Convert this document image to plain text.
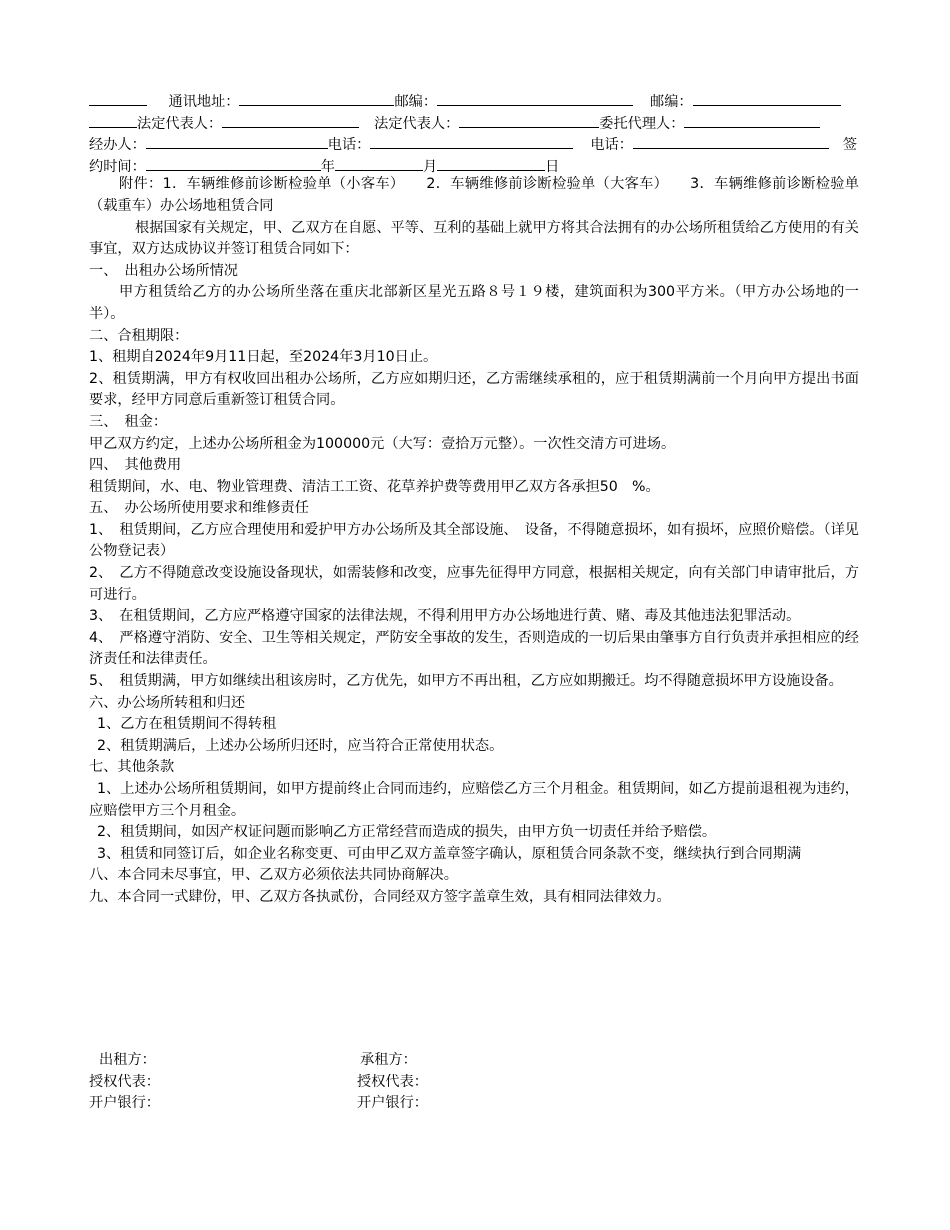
通讯地址：	邮编：	邮编：
法定代表人：	法定代表人：	委托代理人：
经办人：	电话：	电话：	签
约时间：	年	月	日
附件：1．车辆维修前诊断检验单（小客车）　　2．车辆维修前诊断检验单（大客车）　　3．车辆维修前诊断检验单（载重车）办公场地租赁合同
根据国家有关规定，甲、乙双方在自愿、平等、互利的基础上就甲方将其合法拥有的办公场所租赁给乙方使用的有关事宜，双方达成协议并签订租赁合同如下：
一、　出租办公场所情况
甲方租赁给乙方的办公场所坐落在重庆北部新区星光五路８号１９楼，建筑面积为300平方米。（甲方办公场地的一半）。
二、合租期限：
1、租期自2024年9月11日起，至2024年3月10日止。
2、租赁期满，甲方有权收回出租办公场所，乙方应如期归还，乙方需继续承租的，应于租赁期满前一个月向甲方提出书面要求，经甲方同意后重新签订租赁合同。
三、　租金：
甲乙双方约定，上述办公场所租金为100000元（大写：壹拾万元整）。一次性交清方可进场。
四、　其他费用
租赁期间，水、电、物业管理费、清洁工工资、花草养护费等费用甲乙双方各承担50　%。
五、　办公场所使用要求和维修责任
1、　租赁期间，乙方应合理使用和爱护甲方办公场所及其全部设施、　设备，不得随意损坏，如有损坏，应照价赔偿。（详见公物登记表）
2、　乙方不得随意改变设施设备现状，如需装修和改变，应事先征得甲方同意，根据相关规定，向有关部门申请审批后，方可进行。
3、　在租赁期间，乙方应严格遵守国家的法律法规，不得利用甲方办公场地进行黄、赌、毒及其他违法犯罪活动。
4、　严格遵守消防、安全、卫生等相关规定，严防安全事故的发生，否则造成的一切后果由肇事方自行负责并承担相应的经济责任和法律责任。
5、　租赁期满，甲方如继续出租该房时，乙方优先，如甲方不再出租，乙方应如期搬迁。均不得随意损坏甲方设施设备。
六、办公场所转租和归还
1、乙方在租赁期间不得转租
2、租赁期满后，上述办公场所归还时，应当符合正常使用状态。
七、其他条款
1、上述办公场所租赁期间，如甲方提前终止合同而违约，应赔偿乙方三个月租金。租赁期间，如乙方提前退租视为违约，应赔偿甲方三个月租金。
2、租赁期间，如因产权证问题而影响乙方正常经营而造成的损失，由甲方负一切责任并给予赔偿。
3、租赁和同签订后，如企业名称变更、可由甲乙双方盖章签字确认，原租赁合同条款不变，继续执行到合同期满
八、本合同未尽事宜，甲、乙双方必须依法共同协商解决。
九、本合同一式肆份，甲、乙双方各执贰份，合同经双方签字盖章生效，具有相同法律效力。
出租方：	承租方：
授权代表：	授权代表：
开户银行：	开户银行：
